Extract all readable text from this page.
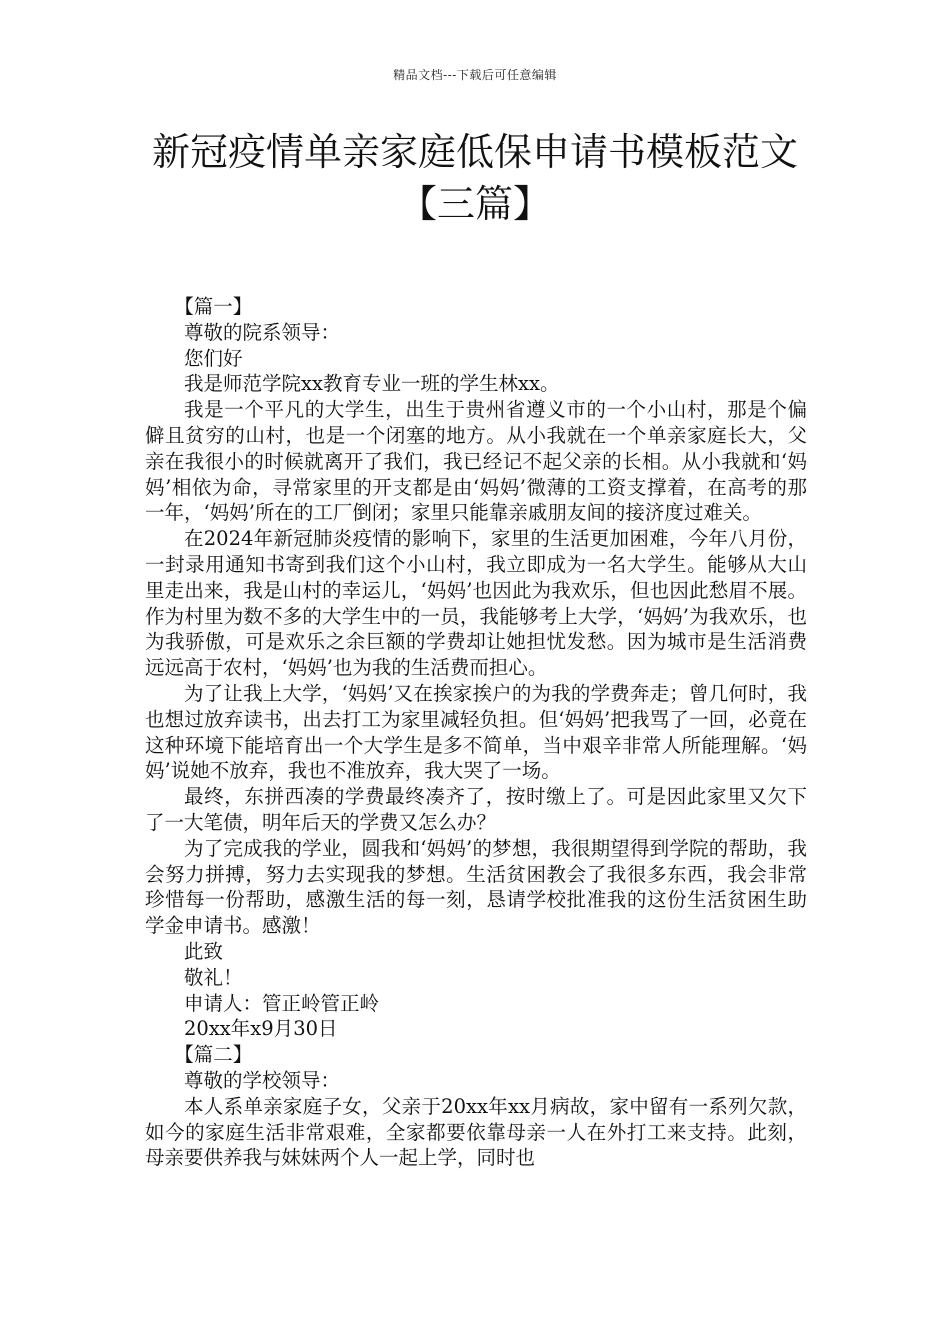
精品文档---下载后可任意编辑
新冠疫情单亲家庭低保申请书模板范文
【三篇】

【篇一】

尊敬的院系领导：

您们好

我是师范学院xx教育专业一班的学生林xx。

我是一个平凡的大学生，出生于贵州省遵义市的一个小山村，那是个偏僻且贫穷的山村，也是一个闭塞的地方。从小我就在一个单亲家庭长大，父亲在我很小的时候就离开了我们，我已经记不起父亲的长相。从小我就和‘妈妈’相依为命，寻常家里的开支都是由‘妈妈’微薄的工资支撑着，在高考的那一年，‘妈妈’所在的工厂倒闭；家里只能靠亲戚朋友间的接济度过难关。

在2024年新冠肺炎疫情的影响下，家里的生活更加困难，今年八月份，一封录用通知书寄到我们这个小山村，我立即成为一名大学生。能够从大山里走出来，我是山村的幸运儿，‘妈妈’也因此为我欢乐，但也因此愁眉不展。作为村里为数不多的大学生中的一员，我能够考上大学，‘妈妈’为我欢乐，也为我骄傲，可是欢乐之余巨额的学费却让她担忧发愁。因为城市是生活消费远远高于农村，‘妈妈’也为我的生活费而担心。

为了让我上大学，‘妈妈’又在挨家挨户的为我的学费奔走；曾几何时，我也想过放弃读书，出去打工为家里减轻负担。但‘妈妈’把我骂了一回，必竟在这种环境下能培育出一个大学生是多不简单，当中艰辛非常人所能理解。‘妈妈’说她不放弃，我也不准放弃，我大哭了一场。

最终，东拼西凑的学费最终凑齐了，按时缴上了。可是因此家里又欠下了一大笔债，明年后天的学费又怎么办？

为了完成我的学业，圆我和‘妈妈’的梦想，我很期望得到学院的帮助，我会努力拼搏，努力去实现我的梦想。生活贫困教会了我很多东西，我会非常珍惜每一份帮助，感激生活的每一刻，恳请学校批准我的这份生活贫困生助学金申请书。感激！

此致

敬礼！

申请人：管正岭管正岭

20xx年x9月30日

【篇二】

尊敬的学校领导：

本人系单亲家庭子女，父亲于20xx年xx月病故，家中留有一系列欠款，如今的家庭生活非常艰难，全家都要依靠母亲一人在外打工来支持。此刻，母亲要供养我与妹妹两个人一起上学，同时也
